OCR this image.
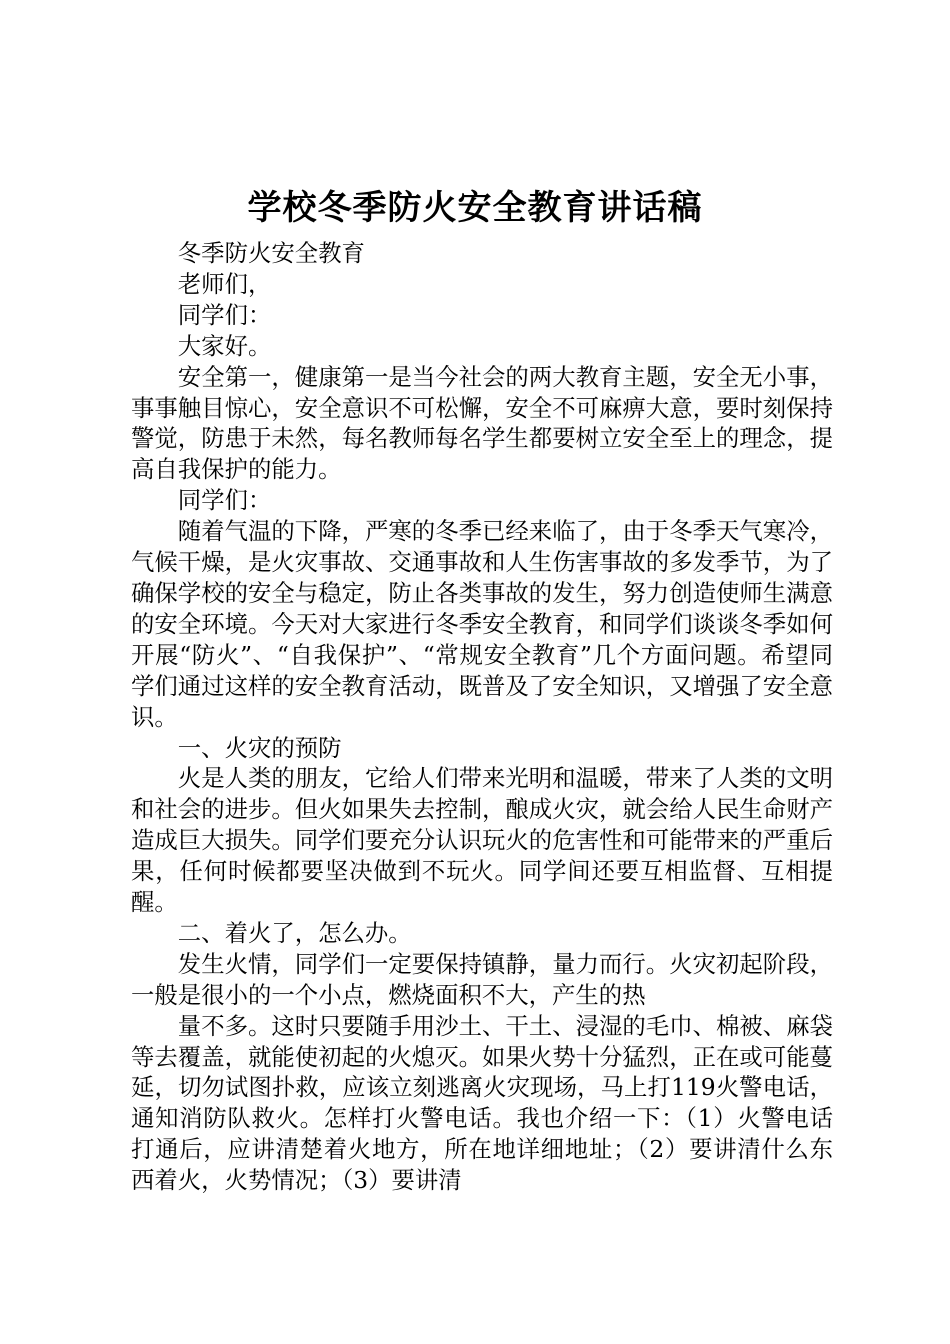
学校冬季防火安全教育讲话稿

冬季防火安全教育

老师们，

同学们：

大家好。

安全第一，健康第一是当今社会的两大教育主题，安全无小事，事事触目惊心，安全意识不可松懈，安全不可麻痹大意，要时刻保持警觉，防患于未然，每名教师每名学生都要树立安全至上的理念，提高自我保护的能力。

同学们：

随着气温的下降，严寒的冬季已经来临了，由于冬季天气寒冷，气候干燥，是火灾事故、交通事故和人生伤害事故的多发季节，为了确保学校的安全与稳定，防止各类事故的发生，努力创造使师生满意的安全环境。今天对大家进行冬季安全教育，和同学们谈谈冬季如何开展“防火”、“自我保护”、“常规安全教育”几个方面问题。希望同学们通过这样的安全教育活动，既普及了安全知识，又增强了安全意识。

一、火灾的预防

火是人类的朋友，它给人们带来光明和温暖，带来了人类的文明和社会的进步。但火如果失去控制，酿成火灾，就会给人民生命财产造成巨大损失。同学们要充分认识玩火的危害性和可能带来的严重后果，任何时候都要坚决做到不玩火。同学间还要互相监督、互相提醒。

二、着火了，怎么办。

发生火情，同学们一定要保持镇静，量力而行。火灾初起阶段，一般是很小的一个小点，燃烧面积不大，产生的热

量不多。这时只要随手用沙土、干土、浸湿的毛巾、棉被、麻袋等去覆盖，就能使初起的火熄灭。如果火势十分猛烈，正在或可能蔓延，切勿试图扑救，应该立刻逃离火灾现场，马上打119火警电话，通知消防队救火。怎样打火警电话。我也介绍一下：（1）火警电话打通后，应讲清楚着火地方，所在地详细地址；（2）要讲清什么东西着火，火势情况；（3）要讲清
